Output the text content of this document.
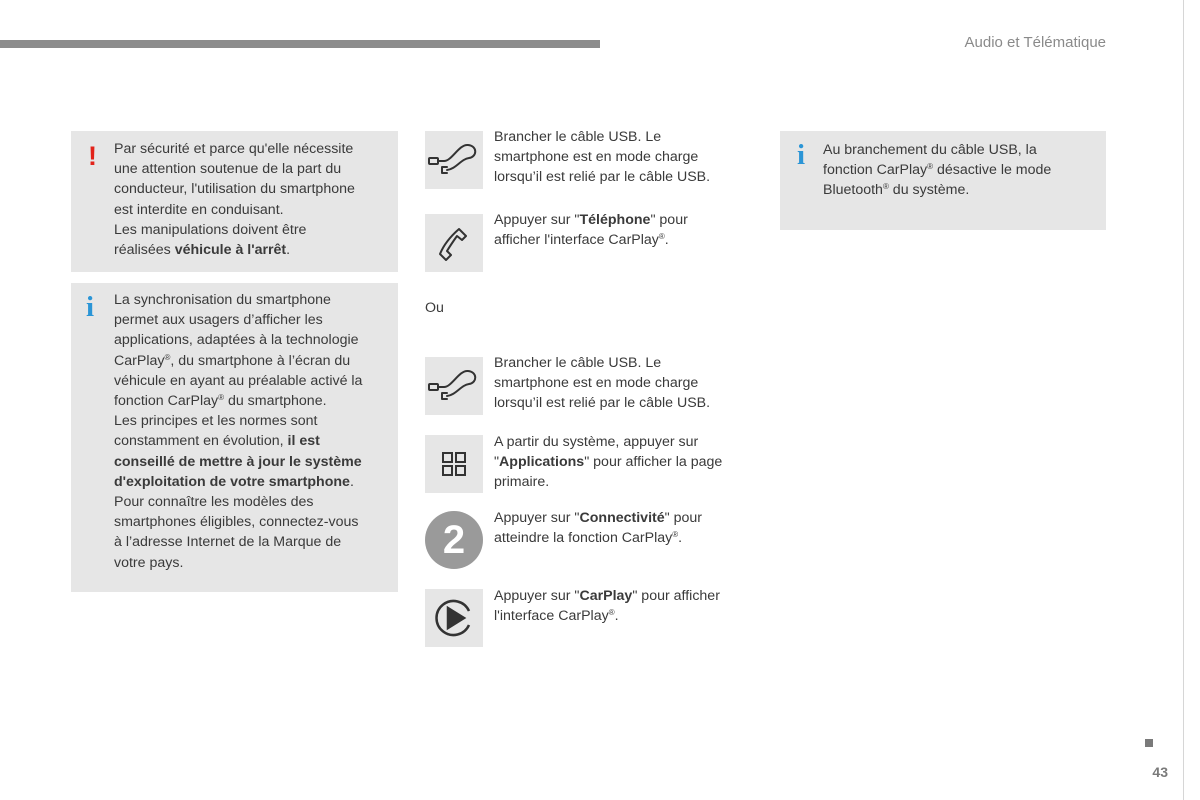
Audio et Télématique
! Par sécurité et parce qu'elle nécessite
une attention soutenue de la part du
conducteur, l'utilisation du smartphone
est interdite en conduisant.
Les manipulations doivent être
réalisées véhicule à l'arrêt.

i La synchronisation du smartphone
permet aux usagers d’afficher les
applications, adaptées à la technologie
CarPlay®, du smartphone à l’écran du
véhicule en ayant au préalable activé la
fonction CarPlay® du smartphone.
Les principes et les normes sont
constamment en évolution, il est
conseillé de mettre à jour le système
d'exploitation de votre smartphone.
Pour connaître les modèles des
smartphones éligibles, connectez-vous
à l’adresse Internet de la Marque de
votre pays.

Brancher le câble USB. Le
smartphone est en mode charge
lorsqu’il est relié par le câble USB.

Appuyer sur "Téléphone" pour
afficher l'interface CarPlay®.

Ou

Brancher le câble USB. Le
smartphone est en mode charge
lorsqu’il est relié par le câble USB.

A partir du système, appuyer sur
"Applications" pour afficher la page
primaire.

2	Appuyer sur "Connectivité" pour
atteindre la fonction CarPlay®.

Appuyer sur "CarPlay" pour afficher
l'interface CarPlay®.

i Au branchement du câble USB, la
fonction CarPlay® désactive le mode
Bluetooth® du système.

43
